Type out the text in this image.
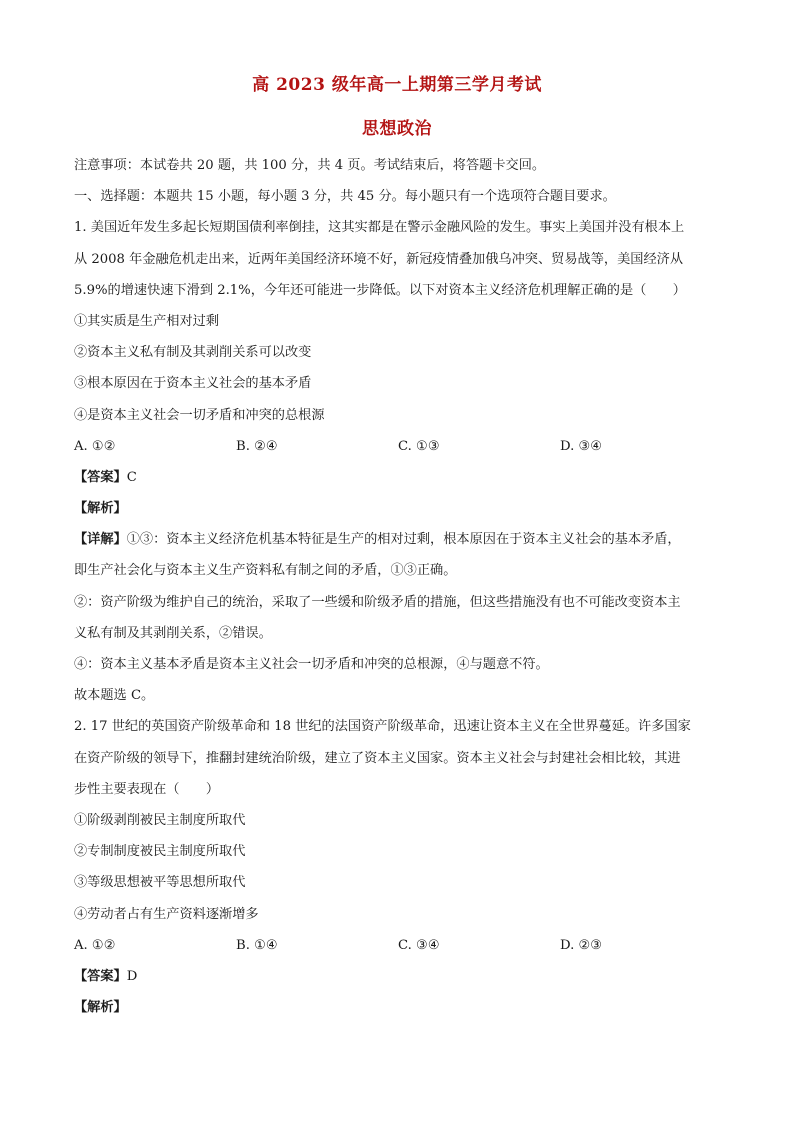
高 2023 级年高一上期第三学月考试
思想政治
注意事项：本试卷共 20 题，共 100 分，共 4 页。考试结束后，将答题卡交回。
一、选择题：本题共 15 小题，每小题 3 分，共 45 分。每小题只有一个选项符合题目要求。
1. 美国近年发生多起长短期国债利率倒挂，这其实都是在警示金融风险的发生。事实上美国并没有根本上
从 2008 年金融危机走出来，近两年美国经济环境不好，新冠疫情叠加俄乌冲突、贸易战等，美国经济从
5.9%的增速快速下滑到 2.1%，今年还可能进一步降低。以下对资本主义经济危机理解正确的是（　　）
①其实质是生产相对过剩
②资本主义私有制及其剥削关系可以改变
③根本原因在于资本主义社会的基本矛盾
④是资本主义社会一切矛盾和冲突的总根源
A. ①②	B. ②④	C. ①③	D. ③④
【答案】C
【解析】
【详解】①③：资本主义经济危机基本特征是生产的相对过剩，根本原因在于资本主义社会的基本矛盾，
即生产社会化与资本主义生产资料私有制之间的矛盾，①③正确。
②：资产阶级为维护自己的统治，采取了一些缓和阶级矛盾的措施，但这些措施没有也不可能改变资本主
义私有制及其剥削关系，②错误。
④：资本主义基本矛盾是资本主义社会一切矛盾和冲突的总根源，④与题意不符。
故本题选 C。
2. 17 世纪的英国资产阶级革命和 18 世纪的法国资产阶级革命，迅速让资本主义在全世界蔓延。许多国家
在资产阶级的领导下，推翻封建统治阶级，建立了资本主义国家。资本主义社会与封建社会相比较，其进
步性主要表现在（　　）
①阶级剥削被民主制度所取代
②专制制度被民主制度所取代
③等级思想被平等思想所取代
④劳动者占有生产资料逐渐增多
A. ①②	B. ①④	C. ③④	D. ②③
【答案】D
【解析】
